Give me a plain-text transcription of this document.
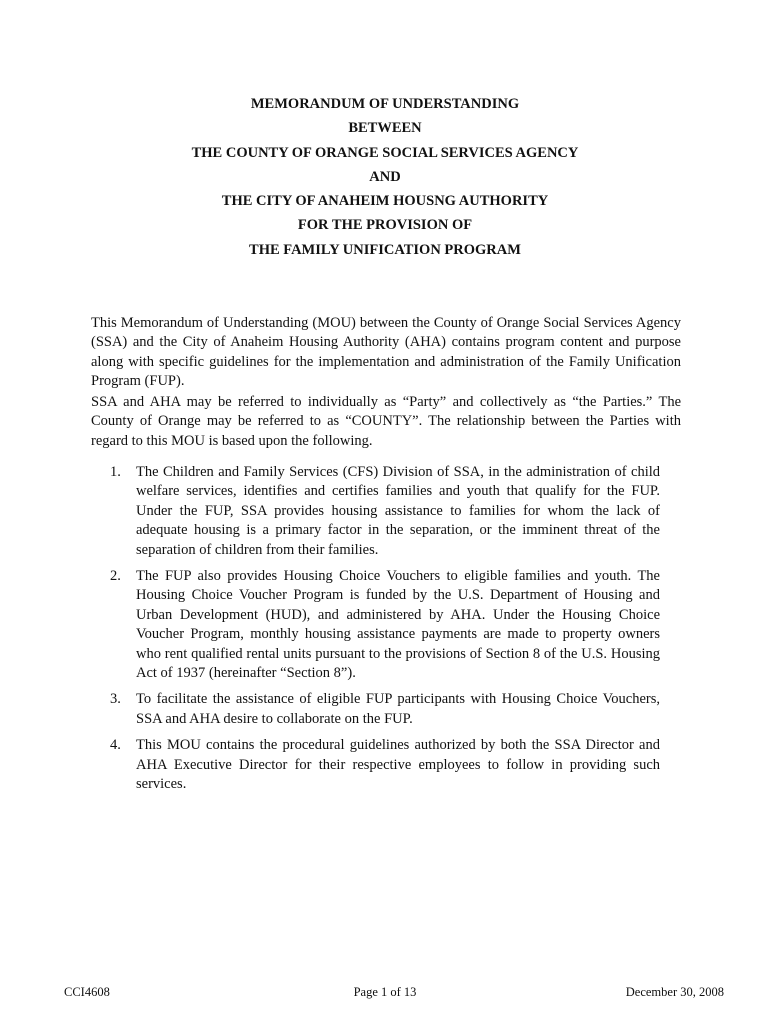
MEMORANDUM OF UNDERSTANDING
BETWEEN
THE COUNTY OF ORANGE SOCIAL SERVICES AGENCY
AND
THE CITY OF ANAHEIM HOUSNG AUTHORITY
FOR THE PROVISION OF
THE FAMILY UNIFICATION PROGRAM
This Memorandum of Understanding (MOU) between the County of Orange Social Services Agency (SSA) and the City of Anaheim Housing Authority (AHA) contains program content and purpose along with specific guidelines for the implementation and administration of the Family Unification Program (FUP).
SSA and AHA may be referred to individually as “Party” and collectively as “the Parties.” The County of Orange may be referred to as “COUNTY”. The relationship between the Parties with regard to this MOU is based upon the following.
1. The Children and Family Services (CFS) Division of SSA, in the administration of child welfare services, identifies and certifies families and youth that qualify for the FUP. Under the FUP, SSA provides housing assistance to families for whom the lack of adequate housing is a primary factor in the separation, or the imminent threat of the separation of children from their families.
2. The FUP also provides Housing Choice Vouchers to eligible families and youth. The Housing Choice Voucher Program is funded by the U.S. Department of Housing and Urban Development (HUD), and administered by AHA. Under the Housing Choice Voucher Program, monthly housing assistance payments are made to property owners who rent qualified rental units pursuant to the provisions of Section 8 of the U.S. Housing Act of 1937 (hereinafter “Section 8”).
3. To facilitate the assistance of eligible FUP participants with Housing Choice Vouchers, SSA and AHA desire to collaborate on the FUP.
4. This MOU contains the procedural guidelines authorized by both the SSA Director and AHA Executive Director for their respective employees to follow in providing such services.
CCI4608	Page 1 of 13	December 30, 2008
